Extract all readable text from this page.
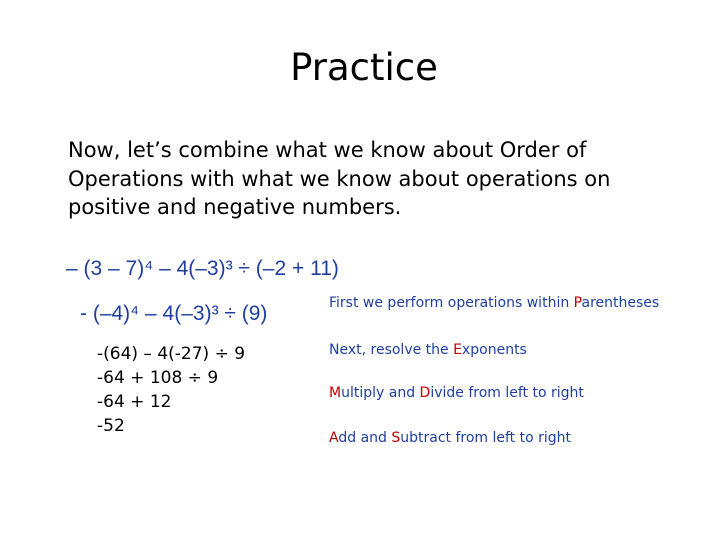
Practice
Now, let’s combine what we know about Order of
Operations with what we know about operations on
positive and negative numbers.
– (3 – 7)⁴ – 4(–3)³ ÷ (–2 + 11)
- (–4)⁴ – 4(–3)³ ÷ (9)
-(64) – 4(-27) ÷ 9
-64 + 108 ÷ 9
-64 + 12
-52
First we perform operations within Parentheses
Next, resolve the Exponents
Multiply and Divide from left to right
Add and Subtract from left to right
